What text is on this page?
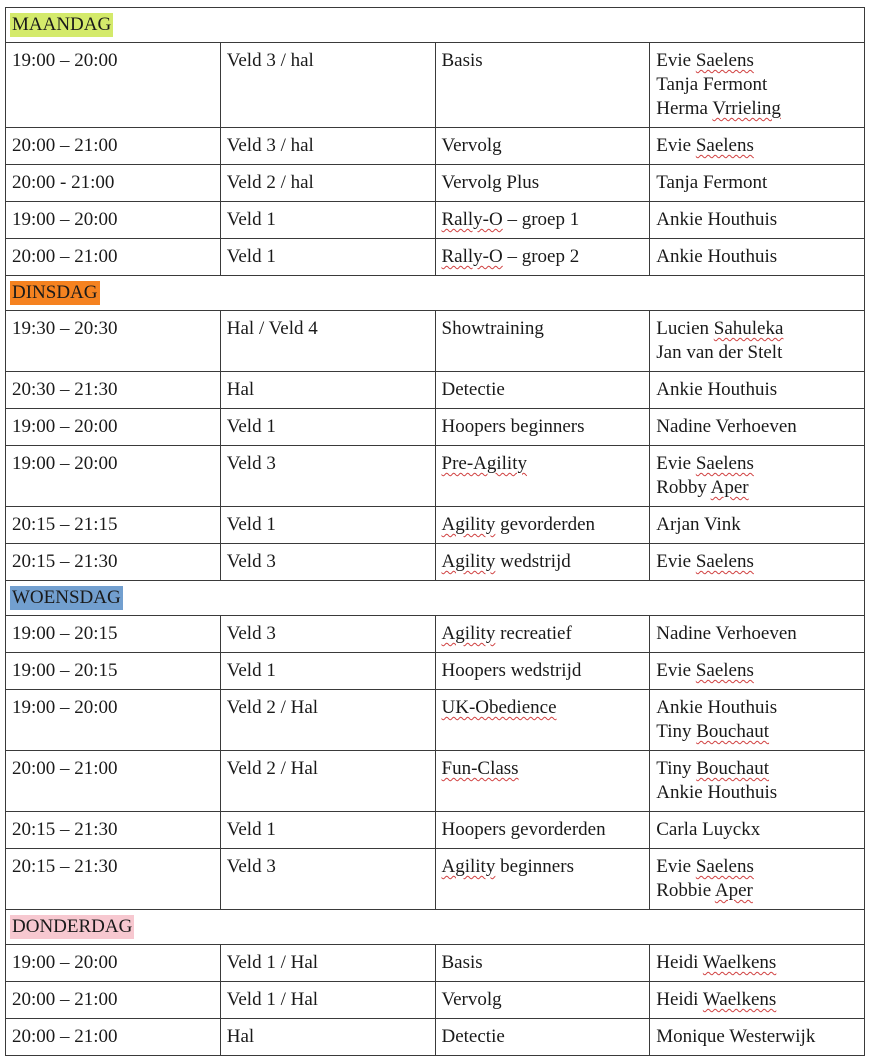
MAANDAG			
19:00 – 20:00	Veld 3 / hal	Basis	Evie Saelens
Tanja Fermont
Herma Vrrieling

20:00 – 21:00	Veld 3 / hal	Vervolg	Evie Saelens

20:00 - 21:00	Veld 2 / hal	Vervolg Plus	Tanja Fermont

19:00 – 20:00	Veld 1	Rally-O – groep 1	Ankie Houthuis

20:00 – 21:00	Veld 1	Rally-O – groep 2	Ankie Houthuis

DINSDAG			
19:30 – 20:30	Hal / Veld 4	Showtraining	Lucien Sahuleka
Jan van der Stelt

20:30 – 21:30	Hal	Detectie	Ankie Houthuis

19:00 – 20:00	Veld 1	Hoopers beginners	Nadine Verhoeven

19:00 – 20:00	Veld 3	Pre-Agility	Evie Saelens
Robby Aper

20:15 – 21:15	Veld 1	Agility gevorderden	Arjan Vink

20:15 – 21:30	Veld 3	Agility wedstrijd	Evie Saelens

WOENSDAG			
19:00 – 20:15	Veld 3	Agility recreatief	Nadine Verhoeven

19:00 – 20:15	Veld 1	Hoopers wedstrijd	Evie Saelens

19:00 – 20:00	Veld 2 / Hal	UK-Obedience	Ankie Houthuis
Tiny Bouchaut

20:00 – 21:00	Veld 2 / Hal	Fun-Class	Tiny Bouchaut
Ankie Houthuis

20:15 – 21:30	Veld 1	Hoopers gevorderden	Carla Luyckx

20:15 – 21:30	Veld 3	Agility beginners	Evie Saelens
Robbie Aper

DONDERDAG			
19:00 – 20:00	Veld 1 / Hal	Basis	Heidi Waelkens

20:00 – 21:00	Veld 1 / Hal	Vervolg	Heidi Waelkens

20:00 – 21:00	Hal	Detectie	Monique Westerwijk
